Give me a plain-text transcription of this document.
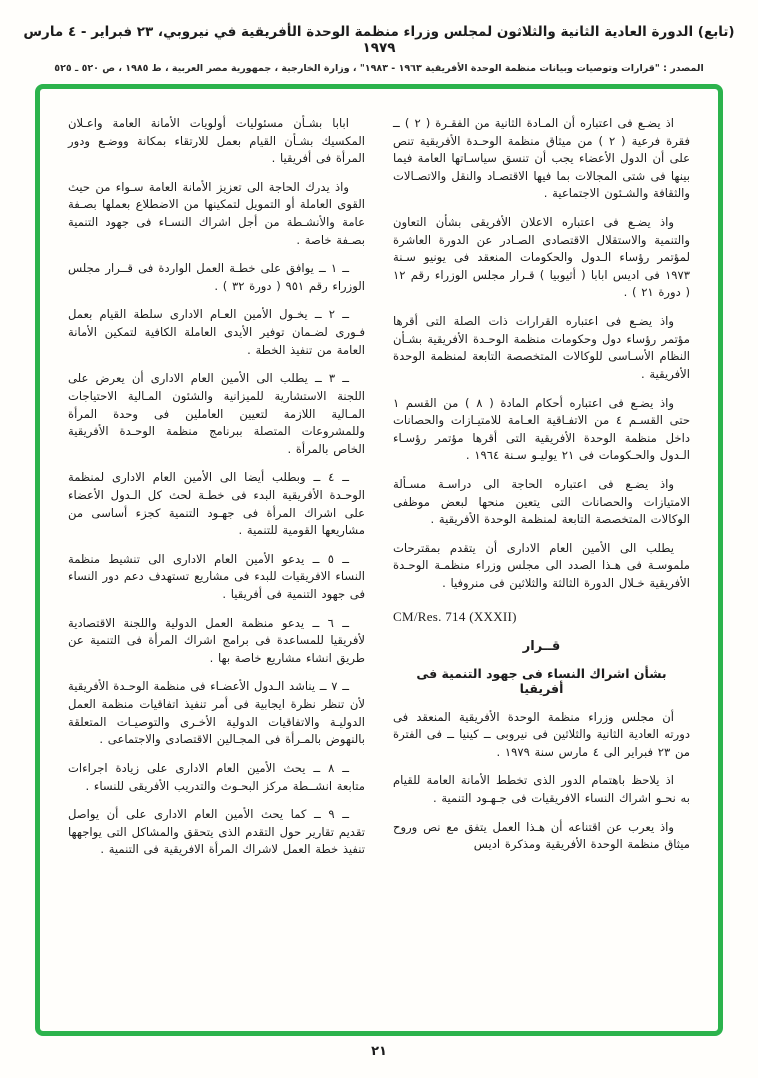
(تابع) الدورة العادية الثانية والثلاثون لمجلس وزراء منظمة الوحدة الأفريقية في نيروبي، ٢٣ فبراير - ٤ مارس ١٩٧٩
المصدر : "قرارات وتوصيات وبيانات منظمة الوحدة الأفريقية ١٩٦٣ - ١٩٨٣" ، وزارة الخارجية ، جمهورية مصر العربية ، ط ١٩٨٥ ، ص ٥٢٠ ـ ٥٢٥

اذ يضـع فى اعتباره أن المـادة الثانية من الفقـرة ( ٢ ) ــ فقرة فرعية ( ٢ ) من ميثاق منظمة الوحـدة الأفريقية تنص على أن الدول الأعضاء يجب أن تنسق سياسـاتها العامة فيما بينها فى شتى المجالات بما فيها الاقتصـاد والنقل والاتصـالات والثقافة والشـئون الاجتماعية .

واذ يضـع فى اعتباره الاعلان الأفريقى بشأن التعاون والتنمية والاستقلال الاقتصادى الصـادر عن الدورة العاشرة لمؤتمر رؤساء الـدول والحكومات المنعقد فى يونيو سـنة ١٩٧٣ فى اديس ابابا ( أثيوبيا ) قـرار مجلس الوزراء رقم ١٢ ( دورة ٢١ ) .

واذ يضـع فى اعتباره القرارات ذات الصلة التى أقرها مؤتمر رؤساء دول وحكومات منظمة الوحـدة الأفريقية بشـأن النظام الأسـاسى للوكالات المتخصصة التابعة لمنظمة الوحدة الأفريقية .

واذ يضـع فى اعتباره أحكام المادة ( ٨ ) من القسم ١ حتى القسـم ٤ من الاتفـاقية العـامة للامتيـازات والحصانات داخل منظمة الوحدة الأفريقية التى أقرها مؤتمر رؤسـاء الـدول والحـكومات فى ٢١ يوليـو سـنة ١٩٦٤ .

واذ يضـع فى اعتباره الحاجة الى دراسـة مسـألة الامتيازات والحصانات التى يتعين منحها لبعض موظفى الوكالات المتخصصة التابعة لمنظمة الوحدة الأفريقية .

يطلب الى الأمين العام الادارى أن يتقدم بمقترحات ملموسـة فى هـذا الصدد الى مجلس وزراء منظمـة الوحـدة الأفريقية خـلال الدورة الثالثة والثلاثين فى منروفيا .

CM/Res. 714 (XXXII)
قــرار
بشأن اشراك النساء فى جهود التنمية فى أفريقيا

أن مجلس وزراء منظمة الوحدة الأفريقية المنعقد فى دورته العادية الثانية والثلاثين فى نيروبى ــ كينيا ــ فى الفترة من ٢٣ فبراير الى ٤ مارس سنة ١٩٧٩ .

اذ يلاحظ باهتمام الدور الذى تخطط الأمانة العامة للقيام به نحـو اشراك النساء الافريقيات فى جـهـود التنمية .

واذ يعرب عن اقتناعه أن هـذا العمل يتفق مع نص وروح ميثاق منظمة الوحدة الأفريقية ومذكرة اديس

ابابا بشـأن مسئوليات أولويات الأمانة العامة واعـلان المكسيك بشـأن القيام بعمل للارتقاء بمكانة ووضـع ودور المرأة فى أفريقيا .

واذ يدرك الحاجة الى تعزيز الأمانة العامة سـواء من حيث القوى العاملة أو التمويل لتمكينها من الاضطلاع بعملها بصـفة عامة والأنشـطة من أجل اشراك النسـاء فى جهود التنمية بصـفة خاصة .

ــ ١ ــ يوافق على خطـة العمل الواردة فى قــرار مجلس الوزراء رقم ٩٥١ ( دورة ٣٢ ) .

ــ ٢ ــ يخـول الأمين العـام الادارى سلطة القيام بعمل فـورى لضـمان توفير الأيدى العاملة الكافية لتمكين الأمانة العامة من تنفيذ الخطة .

ــ ٣ ــ يطلب الى الأمين العام الادارى أن يعرض على اللجنة الاستشارية للميزانية والشئون المـالية الاحتياجات المـالية اللازمة لتعيين العاملين فى وحدة المرأة وللمشروعات المتصلة ببرنامج منظمة الوحـدة الأفريقية الخاص بالمرأة .

ــ ٤ ــ وبطلب أيضا الى الأمين العام الادارى لمنظمة الوحـدة الأفريقية البدء فى خطـة لحث كل الـدول الأعضاء على اشراك المرأة فى جهـود التنمية كجزء أساسى من مشاريعها القومية للتنمية .

ــ ٥ ــ يدعو الأمين العام الادارى الى تنشيط منظمة النساء الافريقيات للبدء فى مشاريع تستهدف دعم دور النساء فى جهود التنمية فى أفريقيا .

ــ ٦ ــ يدعو منظمة العمل الدولية واللجنة الاقتصادية لأفريقيا للمساعدة فى برامج اشراك المرأة فى التنمية عن طريق انشاء مشاريع خاصة بها .

ــ ٧ ــ يناشد الـدول الأعضـاء فى منظمة الوحـدة الأفريقية لأن تنظر نظرة ايجابية فى أمر تنفيذ اتفاقيات منظمة العمل الدوليـة والاتفاقيات الدولية الأخـرى والتوصيـات المتعلقة بالنهوض بالمـرأة فى المجـالين الاقتصادى والاجتماعى .

ــ ٨ ــ يحث الأمين العام الادارى على زيادة اجراءات متابعة انشــطة مركز البحـوث والتدريب الأفريقى للنساء .

ــ ٩ ــ كما يحث الأمين العام الادارى على أن يواصل تقديم تقارير حول التقدم الذى يتحقق والمشاكل التى يواجهها تنفيذ خطة العمل لاشراك المرأة الافريقية فى التنمية .

٢١
